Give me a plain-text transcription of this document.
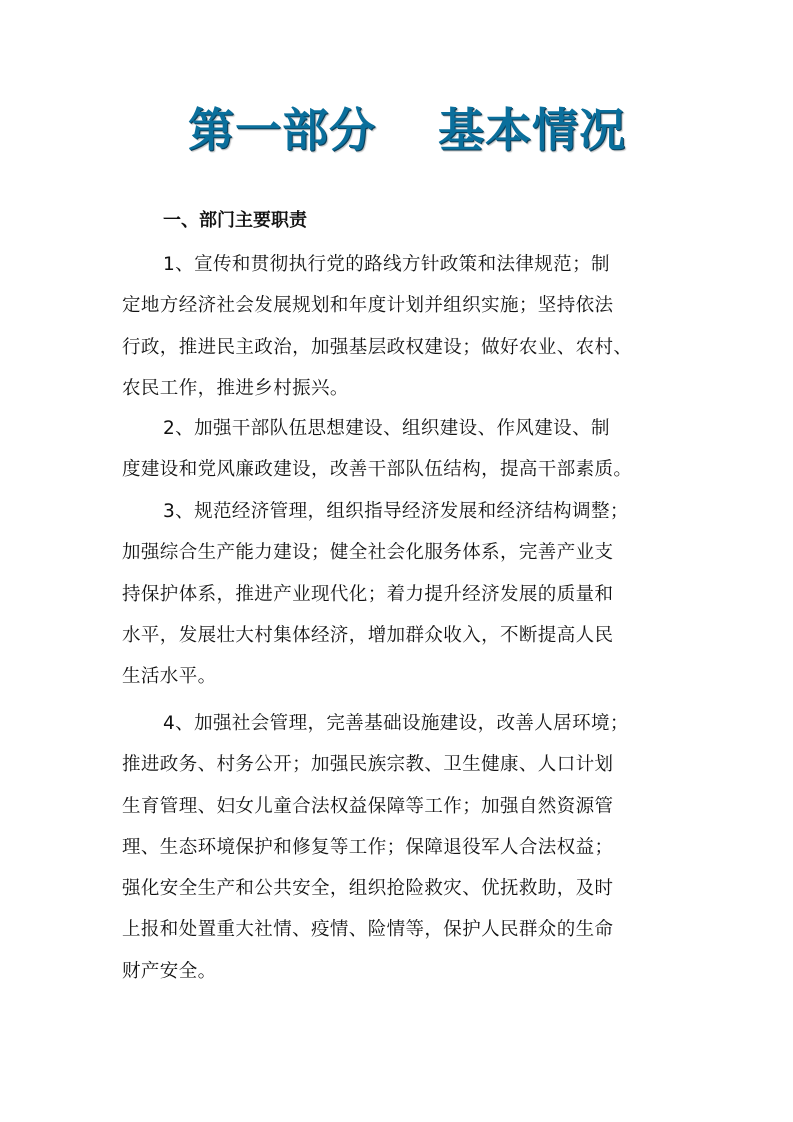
第一部分 基本情况
一、部门主要职责
1、宣传和贯彻执行党的路线方针政策和法律规范；制
定地方经济社会发展规划和年度计划并组织实施；坚持依法
行政，推进民主政治，加强基层政权建设；做好农业、农村、
农民工作，推进乡村振兴。
2、加强干部队伍思想建设、组织建设、作风建设、制
度建设和党风廉政建设，改善干部队伍结构，提高干部素质。
3、规范经济管理，组织指导经济发展和经济结构调整；
加强综合生产能力建设；健全社会化服务体系，完善产业支
持保护体系，推进产业现代化；着力提升经济发展的质量和
水平，发展壮大村集体经济，增加群众收入，不断提高人民
生活水平。
4、加强社会管理，完善基础设施建设，改善人居环境；
推进政务、村务公开；加强民族宗教、卫生健康、人口计划
生育管理、妇女儿童合法权益保障等工作；加强自然资源管
理、生态环境保护和修复等工作；保障退役军人合法权益；
强化安全生产和公共安全，组织抢险救灾、优抚救助，及时
上报和处置重大社情、疫情、险情等，保护人民群众的生命
财产安全。
